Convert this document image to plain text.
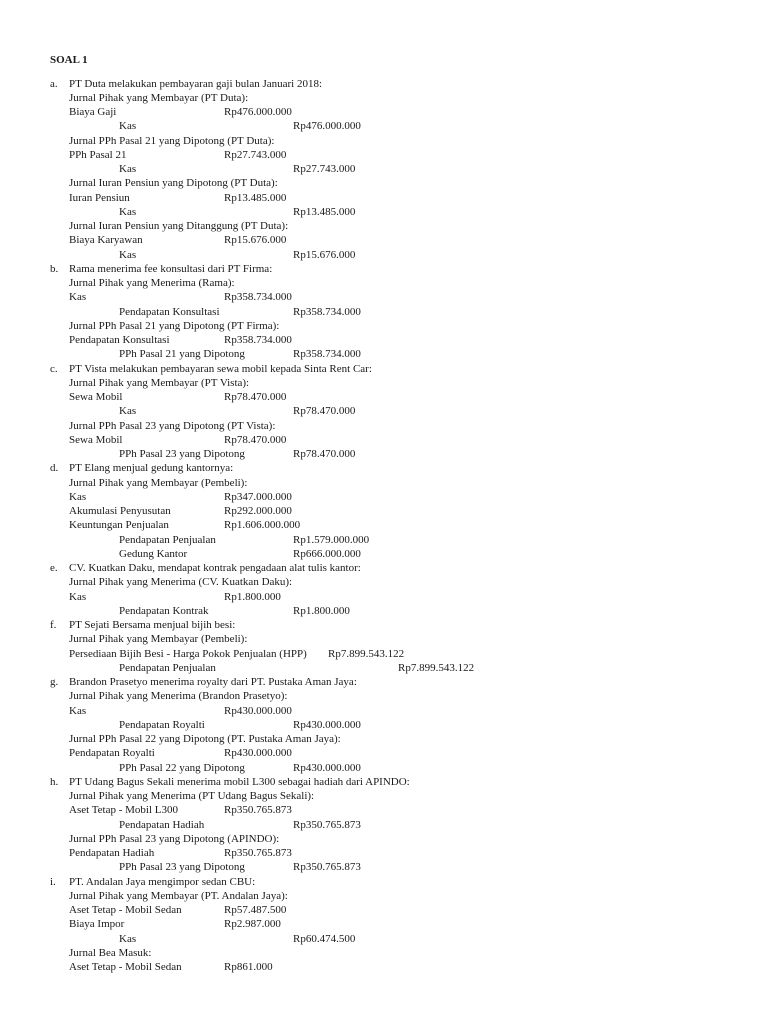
SOAL 1
a. PT Duta melakukan pembayaran gaji bulan Januari 2018:
Jurnal Pihak yang Membayar (PT Duta):
Biaya Gaji	Rp476.000.000
Kas	Rp476.000.000
Jurnal PPh Pasal 21 yang Dipotong (PT Duta):
PPh Pasal 21	Rp27.743.000
Kas	Rp27.743.000
Jurnal Iuran Pensiun yang Dipotong (PT Duta):
Iuran Pensiun	Rp13.485.000
Kas	Rp13.485.000
Jurnal Iuran Pensiun yang Ditanggung (PT Duta):
Biaya Karyawan	Rp15.676.000
Kas	Rp15.676.000
b. Rama menerima fee konsultasi dari PT Firma:
Jurnal Pihak yang Menerima (Rama):
Kas	Rp358.734.000
Pendapatan Konsultasi	Rp358.734.000
Jurnal PPh Pasal 21 yang Dipotong (PT Firma):
Pendapatan Konsultasi	Rp358.734.000
PPh Pasal 21 yang Dipotong	Rp358.734.000
c. PT Vista melakukan pembayaran sewa mobil kepada Sinta Rent Car:
Jurnal Pihak yang Membayar (PT Vista):
Sewa Mobil	Rp78.470.000
Kas	Rp78.470.000
Jurnal PPh Pasal 23 yang Dipotong (PT Vista):
Sewa Mobil	Rp78.470.000
PPh Pasal 23 yang Dipotong	Rp78.470.000
d. PT Elang menjual gedung kantornya:
Jurnal Pihak yang Membayar (Pembeli):
Kas	Rp347.000.000
Akumulasi Penyusutan	Rp292.000.000
Keuntungan Penjualan	Rp1.606.000.000
Pendapatan Penjualan	Rp1.579.000.000
Gedung Kantor	Rp666.000.000
e. CV. Kuatkan Daku, mendapat kontrak pengadaan alat tulis kantor:
Jurnal Pihak yang Menerima (CV. Kuatkan Daku):
Kas	Rp1.800.000
Pendapatan Kontrak	Rp1.800.000
f. PT Sejati Bersama menjual bijih besi:
Jurnal Pihak yang Membayar (Pembeli):
Persediaan Bijih Besi - Harga Pokok Penjualan (HPP) Rp7.899.543.122
Pendapatan Penjualan	Rp7.899.543.122
g. Brandon Prasetyo menerima royalty dari PT. Pustaka Aman Jaya:
Jurnal Pihak yang Menerima (Brandon Prasetyo):
Kas	Rp430.000.000
Pendapatan Royalti	Rp430.000.000
Jurnal PPh Pasal 22 yang Dipotong (PT. Pustaka Aman Jaya):
Pendapatan Royalti	Rp430.000.000
PPh Pasal 22 yang Dipotong	Rp430.000.000
h. PT Udang Bagus Sekali menerima mobil L300 sebagai hadiah dari APINDO:
Jurnal Pihak yang Menerima (PT Udang Bagus Sekali):
Aset Tetap - Mobil L300	Rp350.765.873
Pendapatan Hadiah	Rp350.765.873
Jurnal PPh Pasal 23 yang Dipotong (APINDO):
Pendapatan Hadiah	Rp350.765.873
PPh Pasal 23 yang Dipotong	Rp350.765.873
i. PT. Andalan Jaya mengimpor sedan CBU:
Jurnal Pihak yang Membayar (PT. Andalan Jaya):
Aset Tetap - Mobil Sedan	Rp57.487.500
Biaya Impor	Rp2.987.000
Kas	Rp60.474.500
Jurnal Bea Masuk:
Aset Tetap - Mobil Sedan	Rp861.000
